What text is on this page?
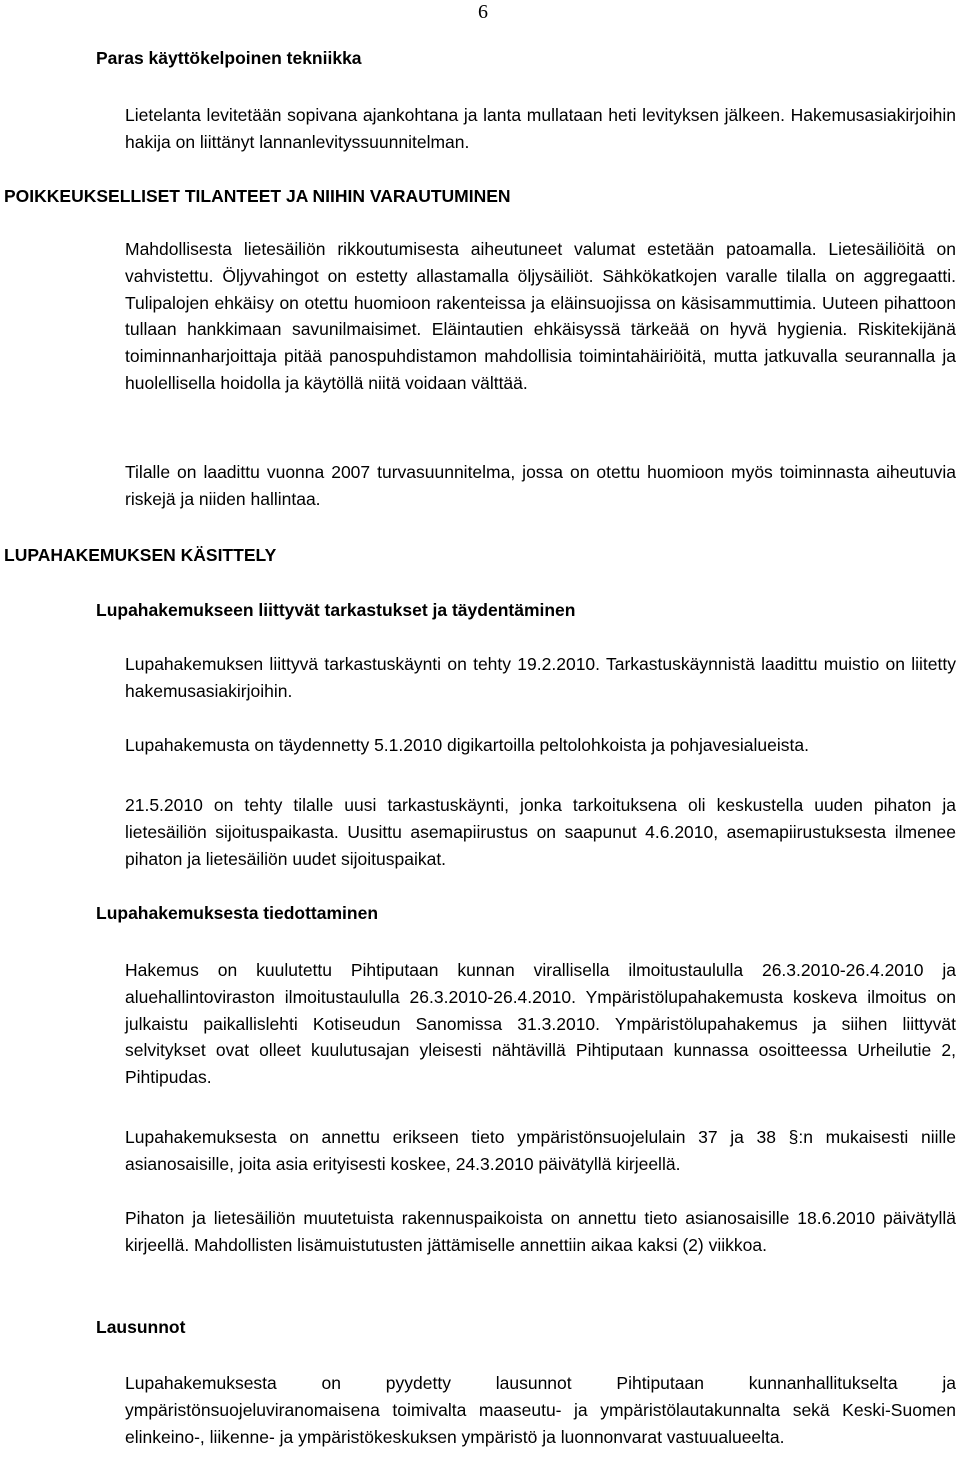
6
Paras käyttökelpoinen tekniikka
Lietelanta levitetään sopivana ajankohtana ja lanta mullataan heti levityksen jälkeen. Hakemusasiakirjoihin hakija on liittänyt lannanlevityssuunnitelman.
POIKKEUKSELLISET TILANTEET JA NIIHIN VARAUTUMINEN
Mahdollisesta lietesäiliön rikkoutumisesta aiheutuneet valumat estetään patoamalla. Lietesäiliöitä on vahvistettu. Öljyvahingot on estetty allastamalla öljysäiliöt. Sähkökatkojen varalle tilalla on aggregaatti. Tulipalojen ehkäisy on otettu huomioon rakenteissa ja eläinsuojissa on käsisammuttimia. Uuteen pihattoon tullaan hankkimaan savunilmaisimet. Eläintautien ehkäisyssä tärkeää on hyvä hygienia. Riskitekijänä toiminnanharjoittaja pitää panospuhdistamon mahdollisia toimintahäiriöitä, mutta jatkuvalla seurannalla ja huolellisella hoidolla ja käytöllä niitä voidaan välttää.
Tilalle on laadittu vuonna 2007 turvasuunnitelma, jossa on otettu huomioon myös toiminnasta aiheutuvia riskejä ja niiden hallintaa.
LUPAHAKEMUKSEN KÄSITTELY
Lupahakemukseen liittyvät tarkastukset ja täydentäminen
Lupahakemuksen liittyvä tarkastuskäynti on tehty 19.2.2010. Tarkastuskäynnistä laadittu muistio on liitetty hakemusasiakirjoihin.
Lupahakemusta on täydennetty 5.1.2010 digikartoilla peltolohkoista ja pohjavesialueista.
21.5.2010 on tehty tilalle uusi tarkastuskäynti, jonka tarkoituksena oli keskustella uuden pihaton ja lietesäiliön sijoituspaikasta. Uusittu asemapiirustus on saapunut 4.6.2010, asemapiirustuksesta ilmenee pihaton ja lietesäiliön uudet sijoituspaikat.
Lupahakemuksesta tiedottaminen
Hakemus on kuulutettu Pihtiputaan kunnan virallisella ilmoitustaululla 26.3.2010-26.4.2010 ja aluehallintoviraston ilmoitustaululla 26.3.2010-26.4.2010. Ympäristölupahakemusta koskeva ilmoitus on julkaistu paikallislehti Kotiseudun Sanomissa 31.3.2010. Ympäristölupahakemus ja siihen liittyvät selvitykset ovat olleet kuulutusajan yleisesti nähtävillä Pihtiputaan kunnassa osoitteessa Urheilutie 2, Pihtipudas.
Lupahakemuksesta on annettu erikseen tieto ympäristönsuojelulain 37 ja 38 §:n mukaisesti niille asianosaisille, joita asia erityisesti koskee, 24.3.2010 päivätyllä kirjeellä.
Pihaton ja lietesäiliön muutetuista rakennuspaikoista on annettu tieto asianosaisille 18.6.2010 päivätyllä kirjeellä. Mahdollisten lisämuistutusten jättämiselle annettiin aikaa kaksi (2) viikkoa.
Lausunnot
Lupahakemuksesta on pyydetty lausunnot Pihtiputaan kunnanhallitukselta ja ympäristönsuojeluviranomaisena toimivalta maaseutu- ja ympäristölautakunnalta sekä Keski-Suomen elinkeino-, liikenne- ja ympäristökeskuksen ympäristö ja luonnonvarat vastuualueelta.
